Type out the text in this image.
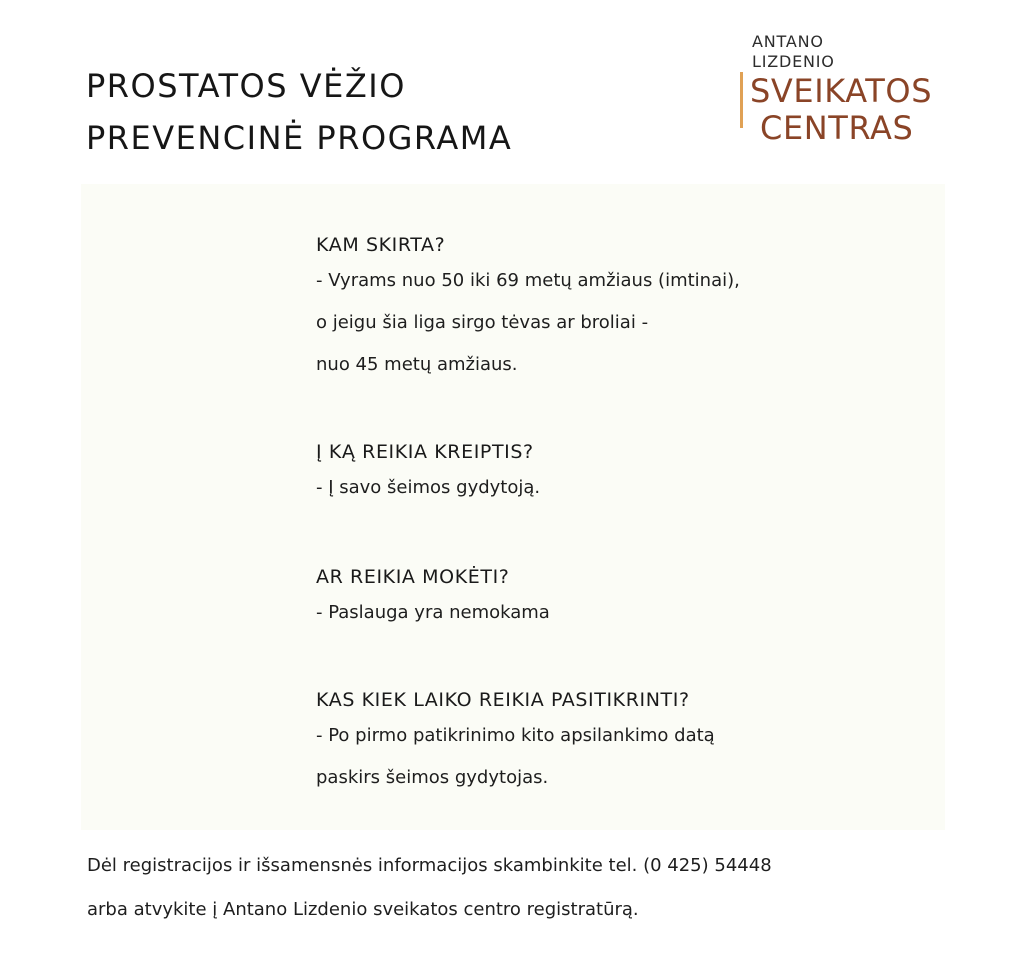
PROSTATOS VĖŽIO
PREVENCINĖ PROGRAMA
ANTANO
LIZDENIO
SVEIKATOS
CENTRAS
KAM SKIRTA?
- Vyrams nuo 50 iki 69 metų amžiaus (imtinai),
o jeigu šia liga sirgo tėvas ar broliai -
nuo 45 metų amžiaus.
Į KĄ REIKIA KREIPTIS?
- Į savo šeimos gydytoją.
AR REIKIA MOKĖTI?
- Paslauga yra nemokama
KAS KIEK LAIKO REIKIA PASITIKRINTI?
- Po pirmo patikrinimo kito apsilankimo datą
paskirs šeimos gydytojas.
Dėl registracijos ir išsamensnės informacijos skambinkite tel. (0 425) 54448
arba atvykite į Antano Lizdenio sveikatos centro registratūrą.
